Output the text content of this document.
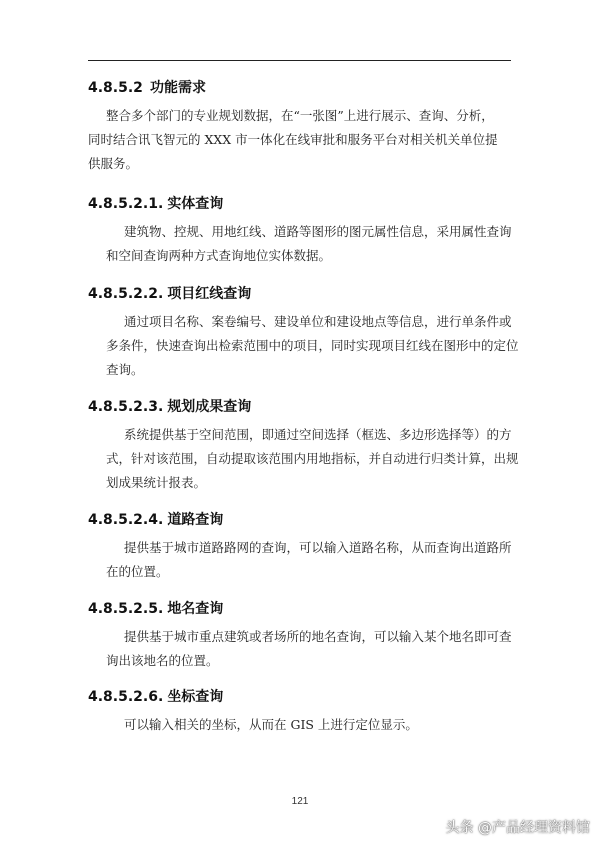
4.8.5.2 功能需求
整合多个部门的专业规划数据，在“一张图”上进行展示、查询、分析，
同时结合讯飞智元的 XXX 市一体化在线审批和服务平台对相关机关单位提
供服务。
4.8.5.2.1. 实体查询
建筑物、控规、用地红线、道路等图形的图元属性信息，采用属性查询
和空间查询两种方式查询地位实体数据。
4.8.5.2.2. 项目红线查询
通过项目名称、案卷编号、建设单位和建设地点等信息，进行单条件或
多条件，快速查询出检索范围中的项目，同时实现项目红线在图形中的定位
查询。
4.8.5.2.3. 规划成果查询
系统提供基于空间范围，即通过空间选择（框选、多边形选择等）的方
式，针对该范围，自动提取该范围内用地指标，并自动进行归类计算，出规
划成果统计报表。
4.8.5.2.4. 道路查询
提供基于城市道路路网的查询，可以输入道路名称，从而查询出道路所
在的位置。
4.8.5.2.5. 地名查询
提供基于城市重点建筑或者场所的地名查询，可以输入某个地名即可查
询出该地名的位置。
4.8.5.2.6. 坐标查询
可以输入相关的坐标，从而在 GIS 上进行定位显示。
121
头条 @产品经理资料馆
